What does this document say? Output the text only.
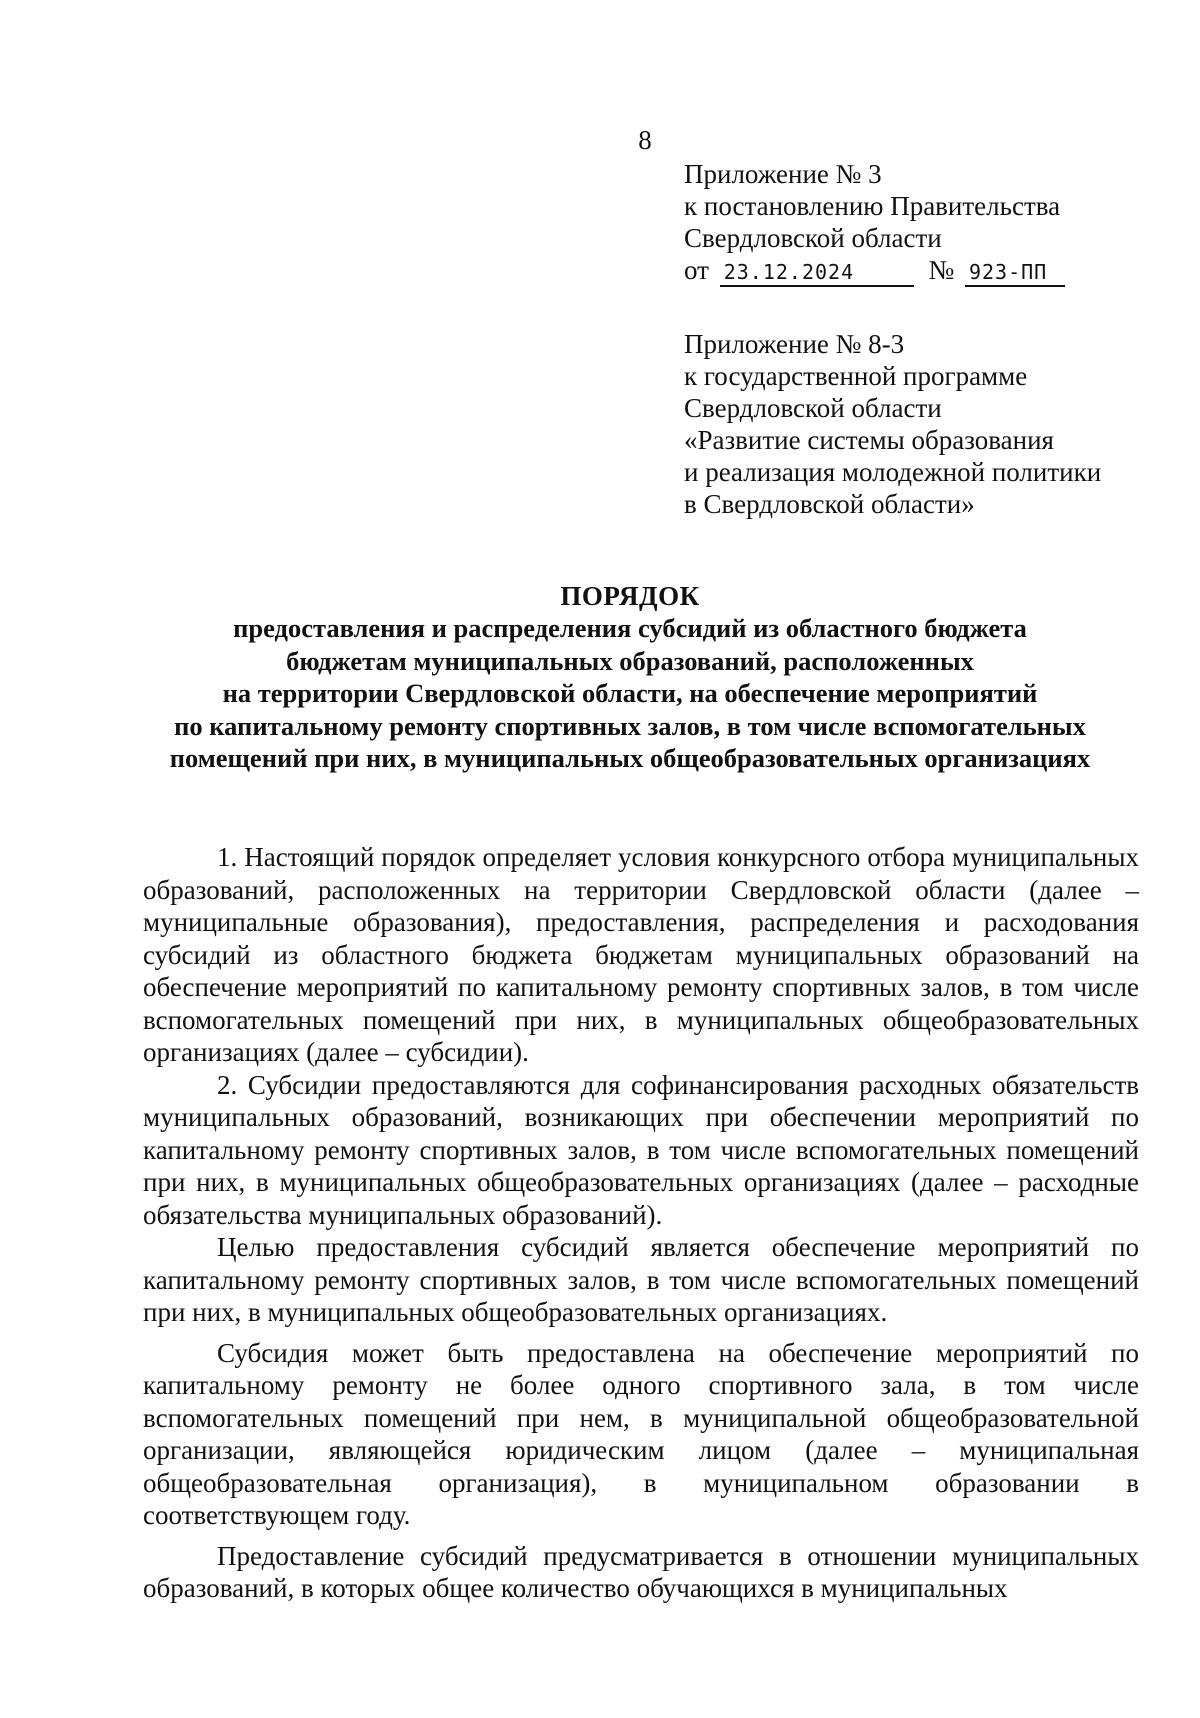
8
Приложение № 3
к постановлению Правительства
Свердловской области
от 23.12.2024	№ 923-ПП
Приложение № 8-3
к государственной программе
Свердловской области
«Развитие системы образования
и реализация молодежной политики
в Свердловской области»
ПОРЯДОК
предоставления и распределения субсидий из областного бюджета
бюджетам муниципальных образований, расположенных
на территории Свердловской области, на обеспечение мероприятий
по капитальному ремонту спортивных залов, в том числе вспомогательных
помещений при них, в муниципальных общеобразовательных организациях

1. Настоящий порядок определяет условия конкурсного отбора муниципальных образований, расположенных на территории Свердловской области (далее – муниципальные образования), предоставления, распределения и расходования субсидий из областного бюджета бюджетам муниципальных образований на обеспечение мероприятий по капитальному ремонту спортивных залов, в том числе вспомогательных помещений при них, в муниципальных общеобразовательных организациях (далее – субсидии).

2. Субсидии предоставляются для софинансирования расходных обязательств муниципальных образований, возникающих при обеспечении мероприятий по капитальному ремонту спортивных залов, в том числе вспомогательных помещений при них, в муниципальных общеобразовательных организациях (далее – расходные обязательства муниципальных образований).

Целью предоставления субсидий является обеспечение мероприятий по капитальному ремонту спортивных залов, в том числе вспомогательных помещений при них, в муниципальных общеобразовательных организациях.

Субсидия может быть предоставлена на обеспечение мероприятий по капитальному ремонту не более одного спортивного зала, в том числе вспомогательных помещений при нем, в муниципальной общеобразовательной организации, являющейся юридическим лицом (далее – муниципальная общеобразовательная организация), в муниципальном образовании в соответствующем году.

Предоставление субсидий предусматривается в отношении муниципальных образований, в которых общее количество обучающихся в муниципальных
